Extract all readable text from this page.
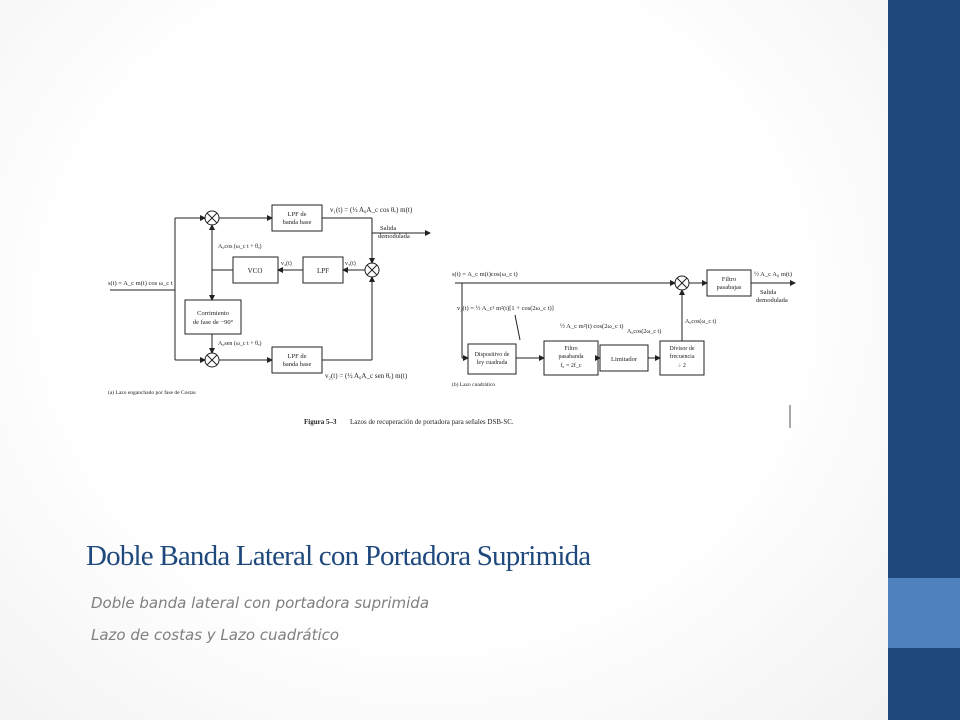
s(t) = A_c m(t) cos ω_c t
LPF de
banda base
v₁(t) = (½ A₀A_c cos θₑ) m(t)
Salida
demodulada
A₀cos (ω_c t + θₑ)
v₄(t)	v₃(t)
VCO	LPF
Corrimiento
de fase de −90°
A₀sen (ω_c t + θₑ)
LPF de
banda base
v₂(t) = (½ A₀A_c sen θₑ) m(t)
(a) Lazo enganchado por fase de Costas
s(t) = A_c m(t)cos(ω_c t)
Filtro
pasabajas
½ A_c A₀ m(t)
Salida
demodulada
v₂(t) = ½ A_c² m²(t)[1 + cos(2ω_c t)]
½ A_c m²(t) cos(2ω_c t)
A₀cos(2ω_c t)
A₀cos(ω_c t)
Dispositivo de
ley cuadrada
Filtro
pasabanda
f₀ = 2f_c
Limitador
Divisor de
frecuencia
÷ 2
(b) Lazo cuadrático
Figura 5–3 Lazos de recuperación de portadora para señales DSB-SC.
Doble Banda Lateral con Portadora Suprimida
Doble banda lateral con portadora suprimida
Lazo de costas y Lazo cuadrático
